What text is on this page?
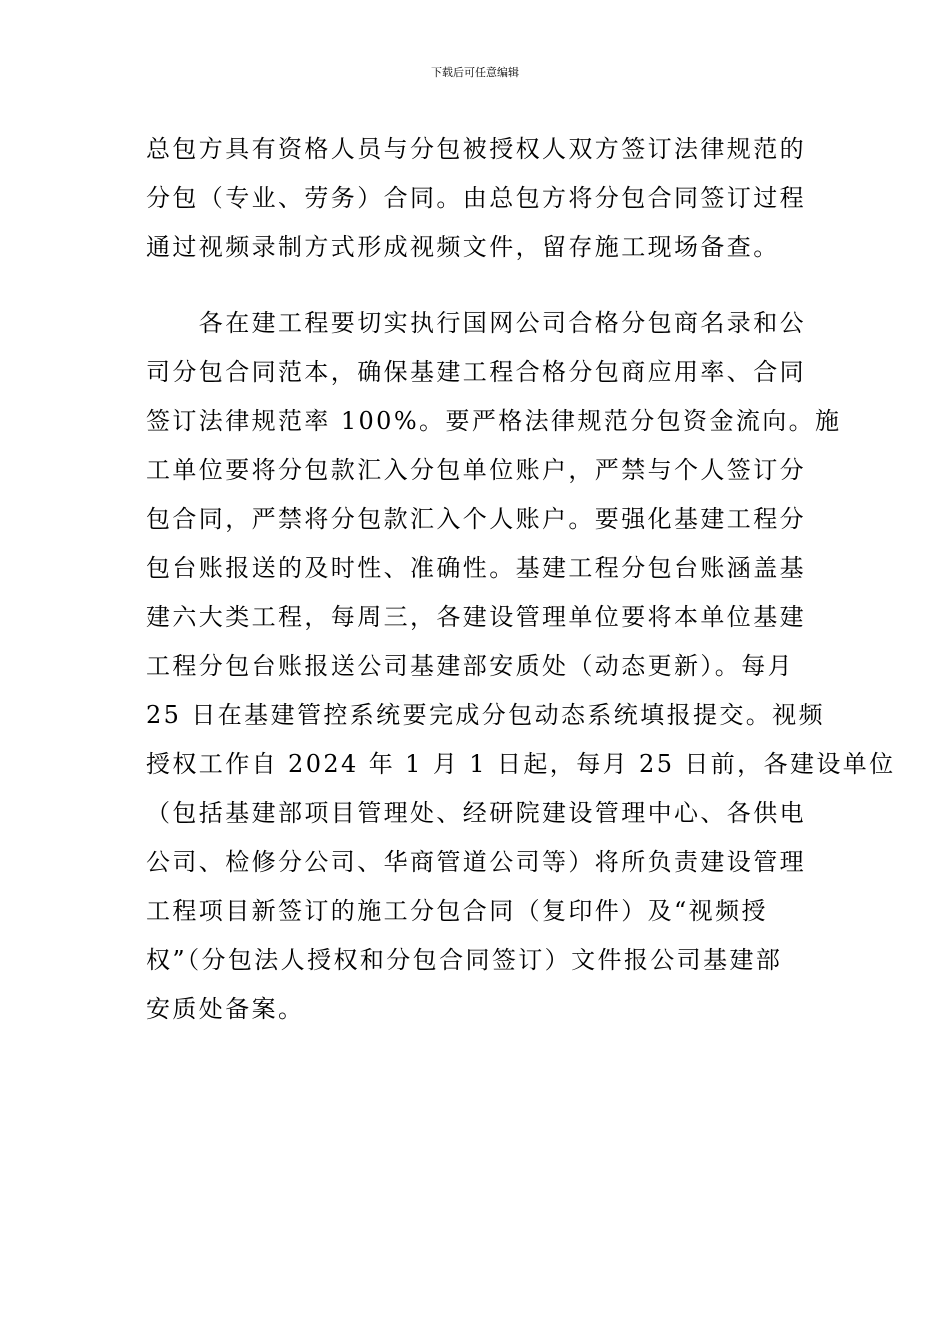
下载后可任意编辑
总包方具有资格人员与分包被授权人双方签订法律规范的
分包（专业、劳务）合同。由总包方将分包合同签订过程
通过视频录制方式形成视频文件，留存施工现场备查。
　　各在建工程要切实执行国网公司合格分包商名录和公
司分包合同范本，确保基建工程合格分包商应用率、合同
签订法律规范率 100%。要严格法律规范分包资金流向。施
工单位要将分包款汇入分包单位账户，严禁与个人签订分
包合同，严禁将分包款汇入个人账户。要强化基建工程分
包台账报送的及时性、准确性。基建工程分包台账涵盖基
建六大类工程，每周三，各建设管理单位要将本单位基建
工程分包台账报送公司基建部安质处（动态更新）。每月
25 日在基建管控系统要完成分包动态系统填报提交。视频
授权工作自 2024 年 1 月 1 日起，每月 25 日前，各建设单位
（包括基建部项目管理处、经研院建设管理中心、各供电
公司、检修分公司、华商管道公司等）将所负责建设管理
工程项目新签订的施工分包合同（复印件）及“视频授
权”（分包法人授权和分包合同签订）文件报公司基建部
安质处备案。
